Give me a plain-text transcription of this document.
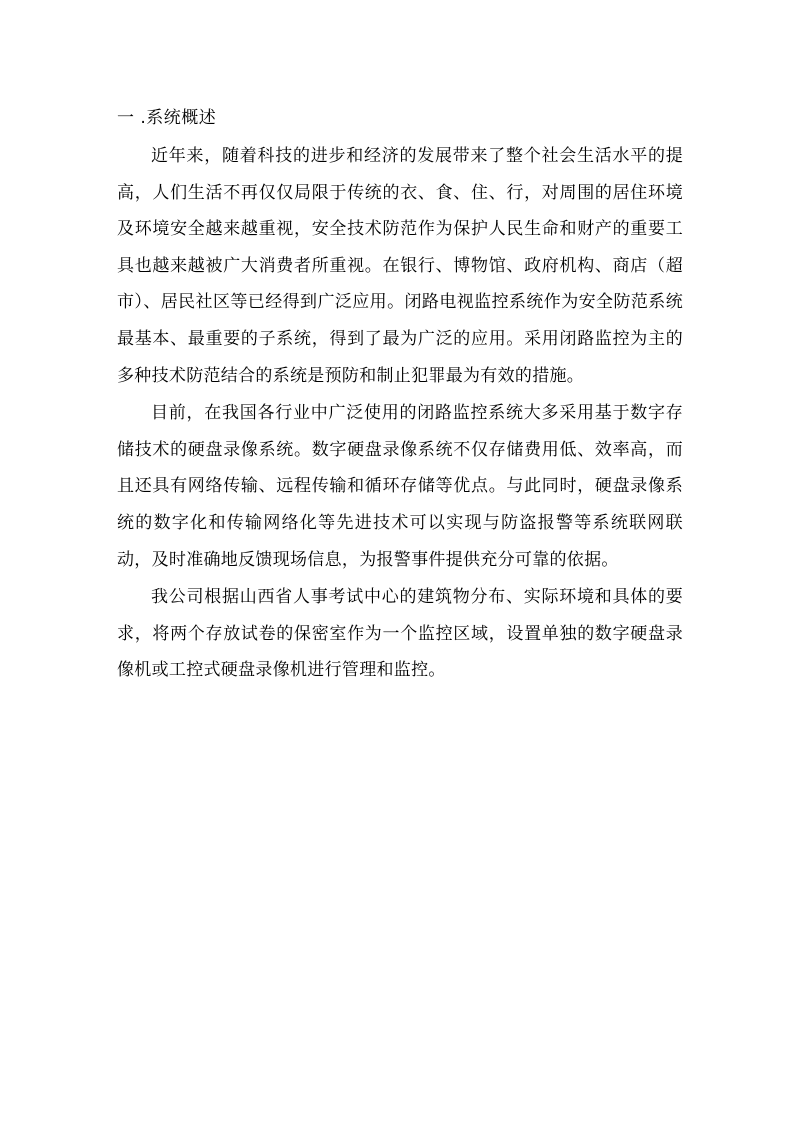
一 .系统概述

近年来，随着科技的进步和经济的发展带来了整个社会生活水平的提高，人们生活不再仅仅局限于传统的衣、食、住、行，对周围的居住环境及环境安全越来越重视，安全技术防范作为保护人民生命和财产的重要工具也越来越被广大消费者所重视。在银行、博物馆、政府机构、商店（超市）、居民社区等已经得到广泛应用。闭路电视监控系统作为安全防范系统最基本、最重要的子系统，得到了最为广泛的应用。采用闭路监控为主的多种技术防范结合的系统是预防和制止犯罪最为有效的措施。

目前，在我国各行业中广泛使用的闭路监控系统大多采用基于数字存储技术的硬盘录像系统。数字硬盘录像系统不仅存储费用低、效率高，而且还具有网络传输、远程传输和循环存储等优点。与此同时，硬盘录像系统的数字化和传输网络化等先进技术可以实现与防盗报警等系统联网联动，及时准确地反馈现场信息，为报警事件提供充分可靠的依据。

我公司根据山西省人事考试中心的建筑物分布、实际环境和具体的要求，将两个存放试卷的保密室作为一个监控区域，设置单独的数字硬盘录像机或工控式硬盘录像机进行管理和监控。
